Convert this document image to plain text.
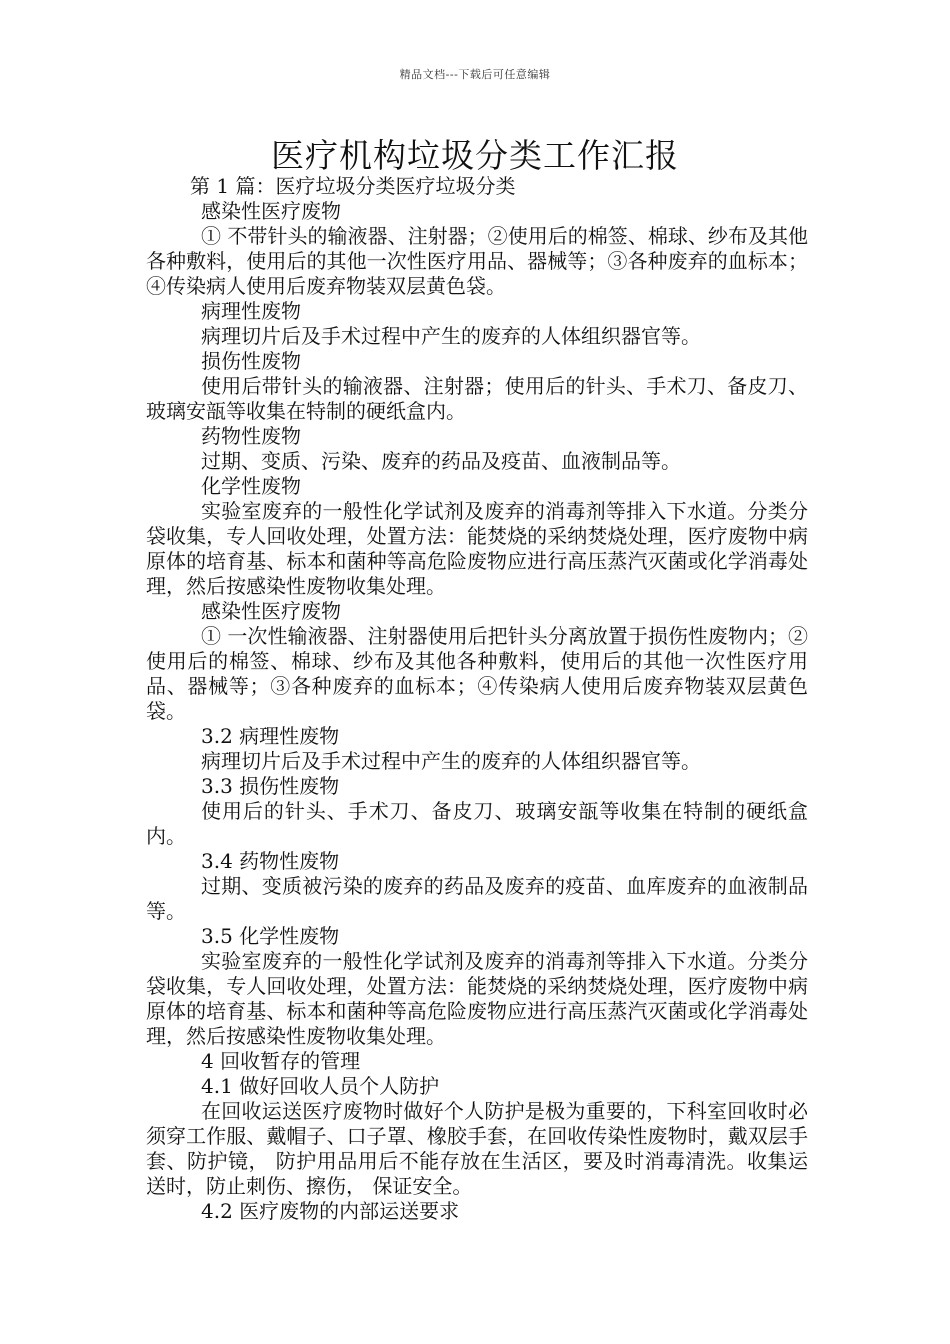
精品文档---下载后可任意编辑
医疗机构垃圾分类工作汇报

第 1 篇：医疗垃圾分类医疗垃圾分类

感染性医疗废物

① 不带针头的输液器、注射器；②使用后的棉签、棉球、纱布及其他各种敷料，使用后的其他一次性医疗用品、器械等；③各种废弃的血标本；④传染病人使用后废弃物装双层黄色袋。

病理性废物

病理切片后及手术过程中产生的废弃的人体组织器官等。

损伤性废物

使用后带针头的输液器、注射器；使用后的针头、手术刀、备皮刀、玻璃安瓿等收集在特制的硬纸盒内。

药物性废物

过期、变质、污染、废弃的药品及疫苗、血液制品等。

化学性废物

实验室废弃的一般性化学试剂及废弃的消毒剂等排入下水道。分类分袋收集，专人回收处理，处置方法：能焚烧的采纳焚烧处理，医疗废物中病原体的培育基、标本和菌种等高危险废物应进行高压蒸汽灭菌或化学消毒处理，然后按感染性废物收集处理。

感染性医疗废物

① 一次性输液器、注射器使用后把针头分离放置于损伤性废物内；②使用后的棉签、棉球、纱布及其他各种敷料，使用后的其他一次性医疗用品、器械等；③各种废弃的血标本；④传染病人使用后废弃物装双层黄色袋。

3.2 病理性废物

病理切片后及手术过程中产生的废弃的人体组织器官等。

3.3 损伤性废物

使用后的针头、手术刀、备皮刀、玻璃安瓿等收集在特制的硬纸盒内。

3.4 药物性废物

过期、变质被污染的废弃的药品及废弃的疫苗、血库废弃的血液制品等。

3.5 化学性废物

实验室废弃的一般性化学试剂及废弃的消毒剂等排入下水道。分类分袋收集，专人回收处理，处置方法：能焚烧的采纳焚烧处理，医疗废物中病原体的培育基、标本和菌种等高危险废物应进行高压蒸汽灭菌或化学消毒处理，然后按感染性废物收集处理。

4 回收暂存的管理

4.1 做好回收人员个人防护

在回收运送医疗废物时做好个人防护是极为重要的，下科室回收时必须穿工作服、戴帽子、口子罩、橡胶手套，在回收传染性废物时，戴双层手套、防护镜， 防护用品用后不能存放在生活区，要及时消毒清洗。收集运送时，防止刺伤、擦伤， 保证安全。

4.2 医疗废物的内部运送要求
